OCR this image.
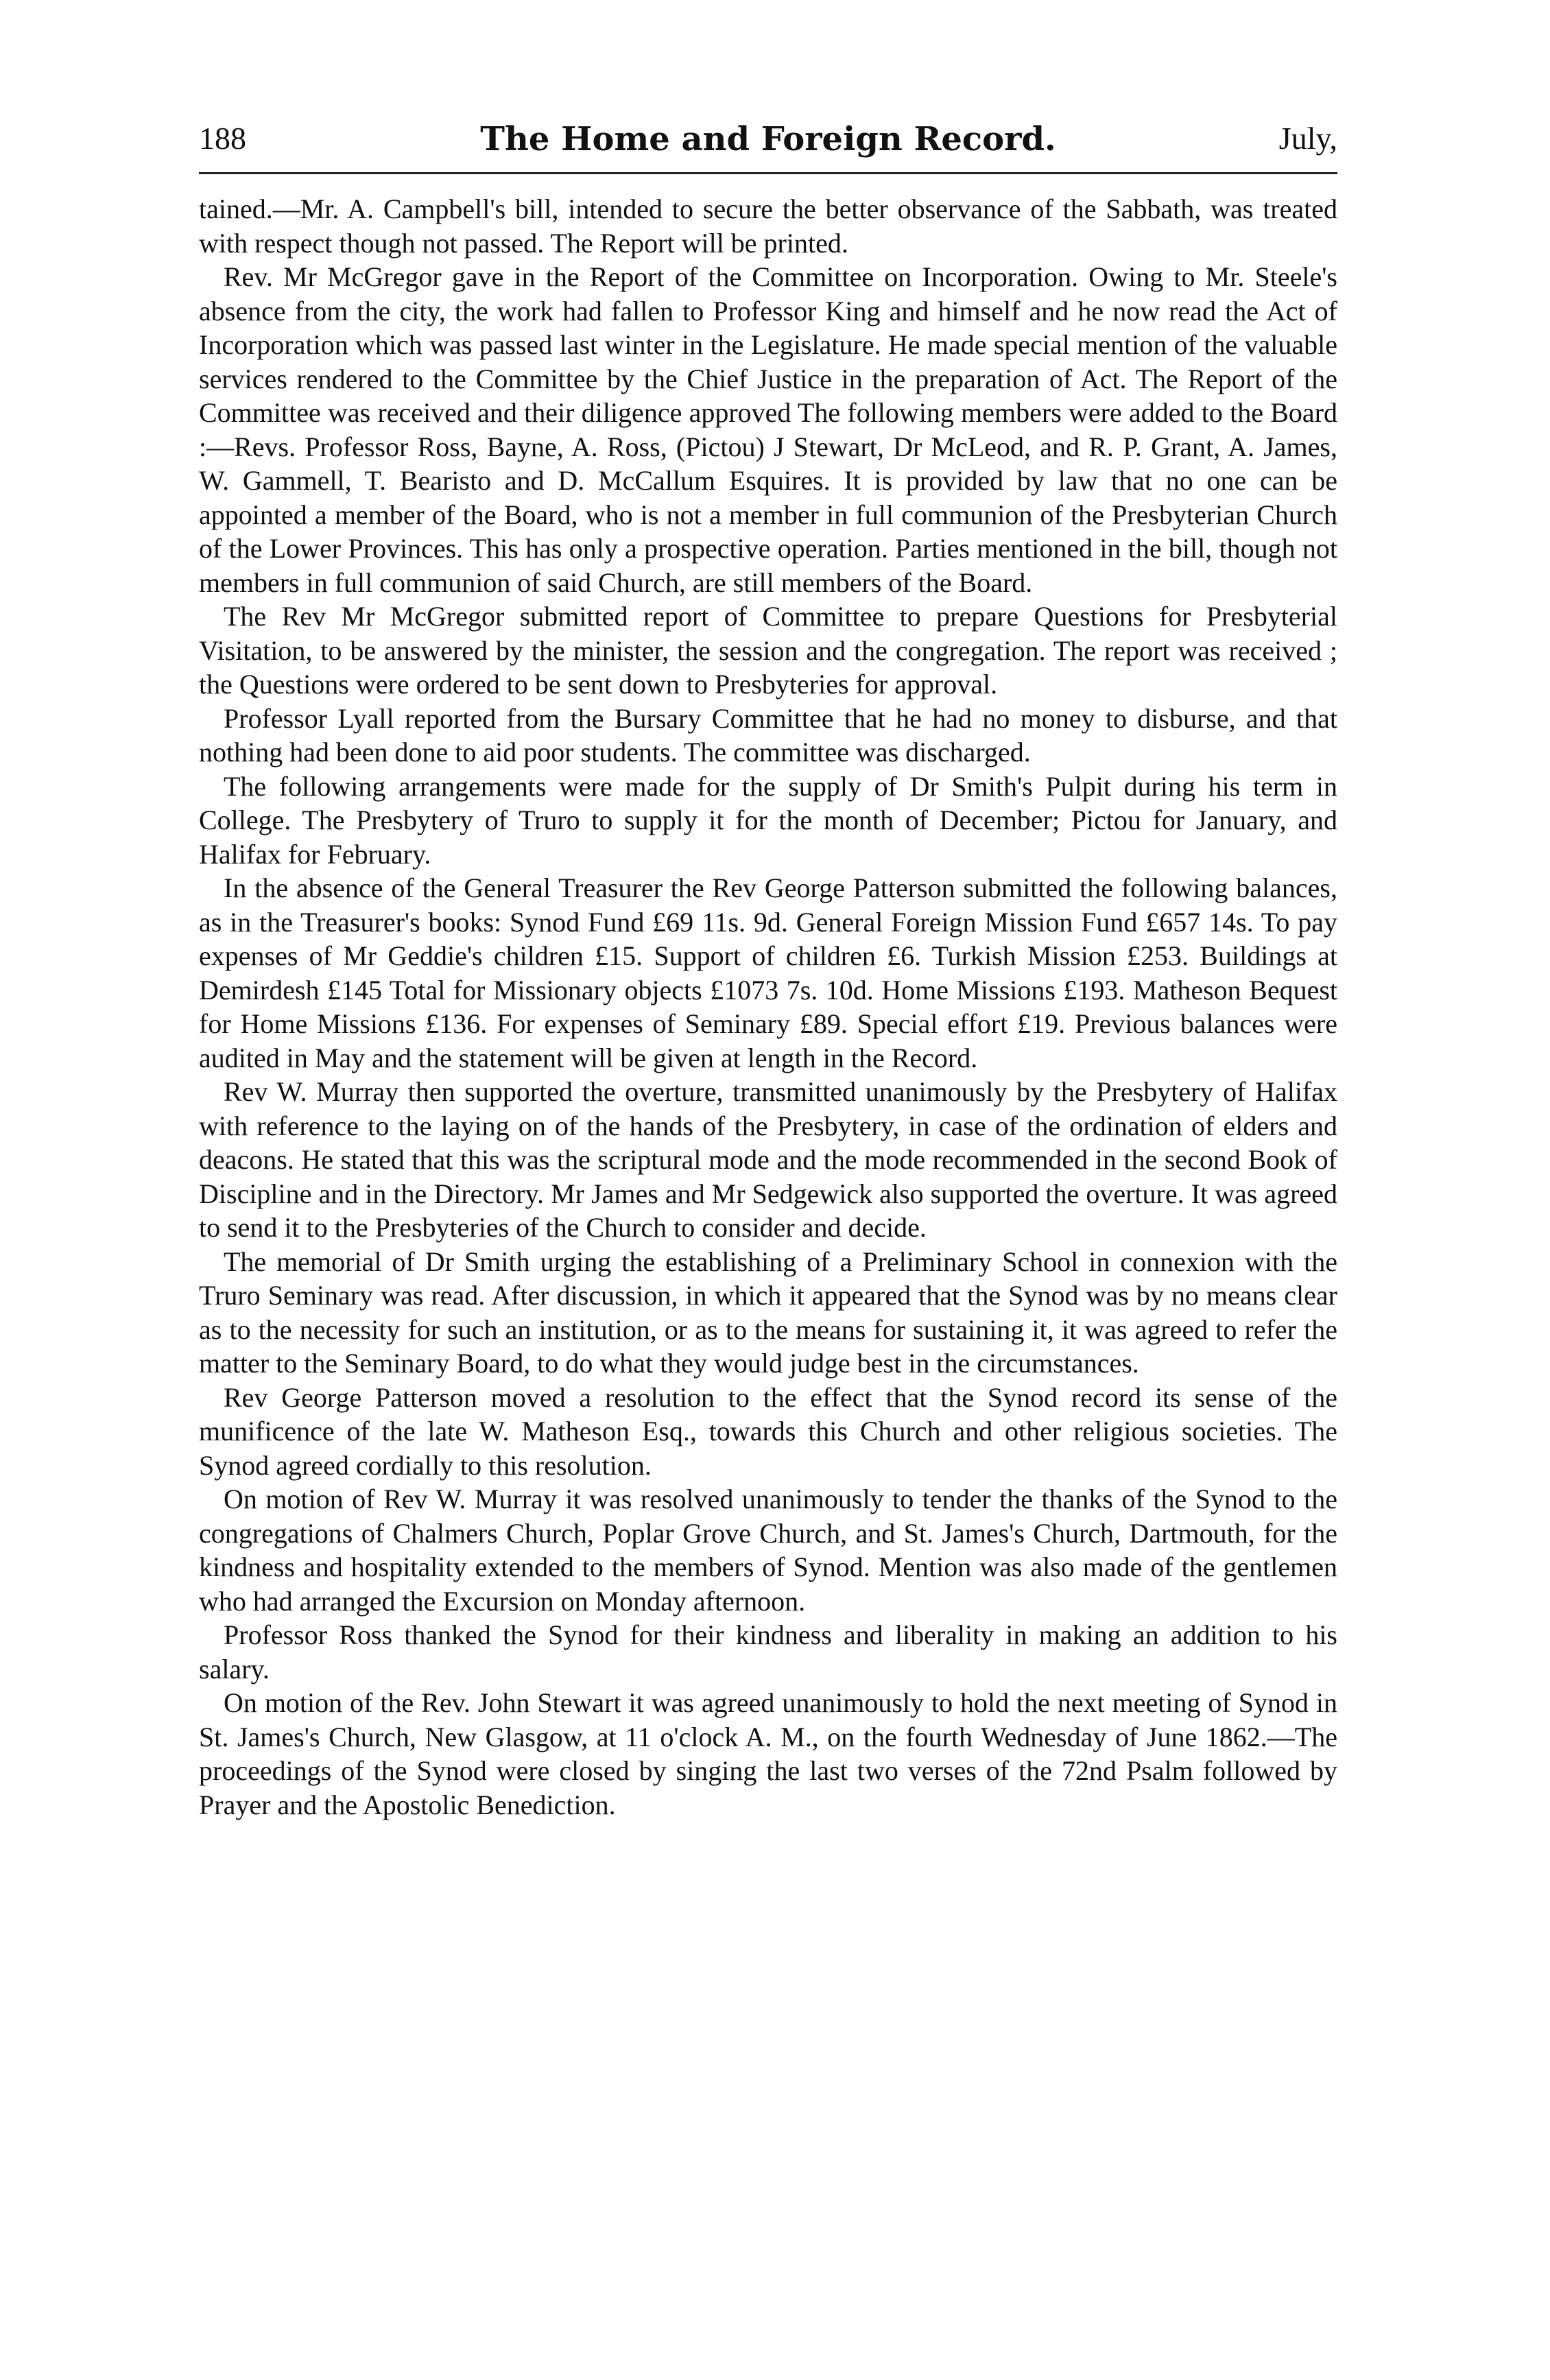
188	The Home and Foreign Record.	July,

tained.—Mr. A. Campbell's bill, intended to secure the better observance of the Sabbath, was treated with respect though not passed. The Report will be printed.

Rev. Mr McGregor gave in the Report of the Committee on Incorporation. Owing to Mr. Steele's absence from the city, the work had fallen to Professor King and himself and he now read the Act of Incorporation which was passed last winter in the Legislature. He made special mention of the valuable services rendered to the Committee by the Chief Justice in the preparation of Act. The Report of the Committee was received and their diligence approved The following members were added to the Board :—Revs. Professor Ross, Bayne, A. Ross, (Pictou) J Stewart, Dr McLeod, and R. P. Grant, A. James, W. Gammell, T. Bearisto and D. McCallum Esquires. It is provided by law that no one can be appointed a member of the Board, who is not a member in full communion of the Presbyterian Church of the Lower Provinces. This has only a prospective operation. Parties mentioned in the bill, though not members in full communion of said Church, are still members of the Board.

The Rev Mr McGregor submitted report of Committee to prepare Questions for Presbyterial Visitation, to be answered by the minister, the session and the congregation. The report was received ; the Questions were ordered to be sent down to Presbyteries for approval.

Professor Lyall reported from the Bursary Committee that he had no money to disburse, and that nothing had been done to aid poor students. The committee was discharged.

The following arrangements were made for the supply of Dr Smith's Pulpit during his term in College. The Presbytery of Truro to supply it for the month of December; Pictou for January, and Halifax for February.

In the absence of the General Treasurer the Rev George Patterson submitted the following balances, as in the Treasurer's books: Synod Fund £69 11s. 9d. General Foreign Mission Fund £657 14s. To pay expenses of Mr Geddie's children £15. Support of children £6. Turkish Mission £253. Buildings at Demirdesh £145 Total for Missionary objects £1073 7s. 10d. Home Missions £193. Matheson Bequest for Home Missions £136. For expenses of Seminary £89. Special effort £19. Previous balances were audited in May and the statement will be given at length in the Record.

Rev W. Murray then supported the overture, transmitted unanimously by the Presbytery of Halifax with reference to the laying on of the hands of the Presbytery, in case of the ordination of elders and deacons. He stated that this was the scriptural mode and the mode recommended in the second Book of Discipline and in the Directory. Mr James and Mr Sedgewick also supported the overture. It was agreed to send it to the Presbyteries of the Church to consider and decide.

The memorial of Dr Smith urging the establishing of a Preliminary School in connexion with the Truro Seminary was read. After discussion, in which it appeared that the Synod was by no means clear as to the necessity for such an institution, or as to the means for sustaining it, it was agreed to refer the matter to the Seminary Board, to do what they would judge best in the circumstances.

Rev George Patterson moved a resolution to the effect that the Synod record its sense of the munificence of the late W. Matheson Esq., towards this Church and other religious societies. The Synod agreed cordially to this resolution.

On motion of Rev W. Murray it was resolved unanimously to tender the thanks of the Synod to the congregations of Chalmers Church, Poplar Grove Church, and St. James's Church, Dartmouth, for the kindness and hospitality extended to the members of Synod. Mention was also made of the gentlemen who had arranged the Excursion on Monday afternoon.

Professor Ross thanked the Synod for their kindness and liberality in making an addition to his salary.

On motion of the Rev. John Stewart it was agreed unanimously to hold the next meeting of Synod in St. James's Church, New Glasgow, at 11 o'clock A. M., on the fourth Wednesday of June 1862.—The proceedings of the Synod were closed by singing the last two verses of the 72nd Psalm followed by Prayer and the Apostolic Benediction.
